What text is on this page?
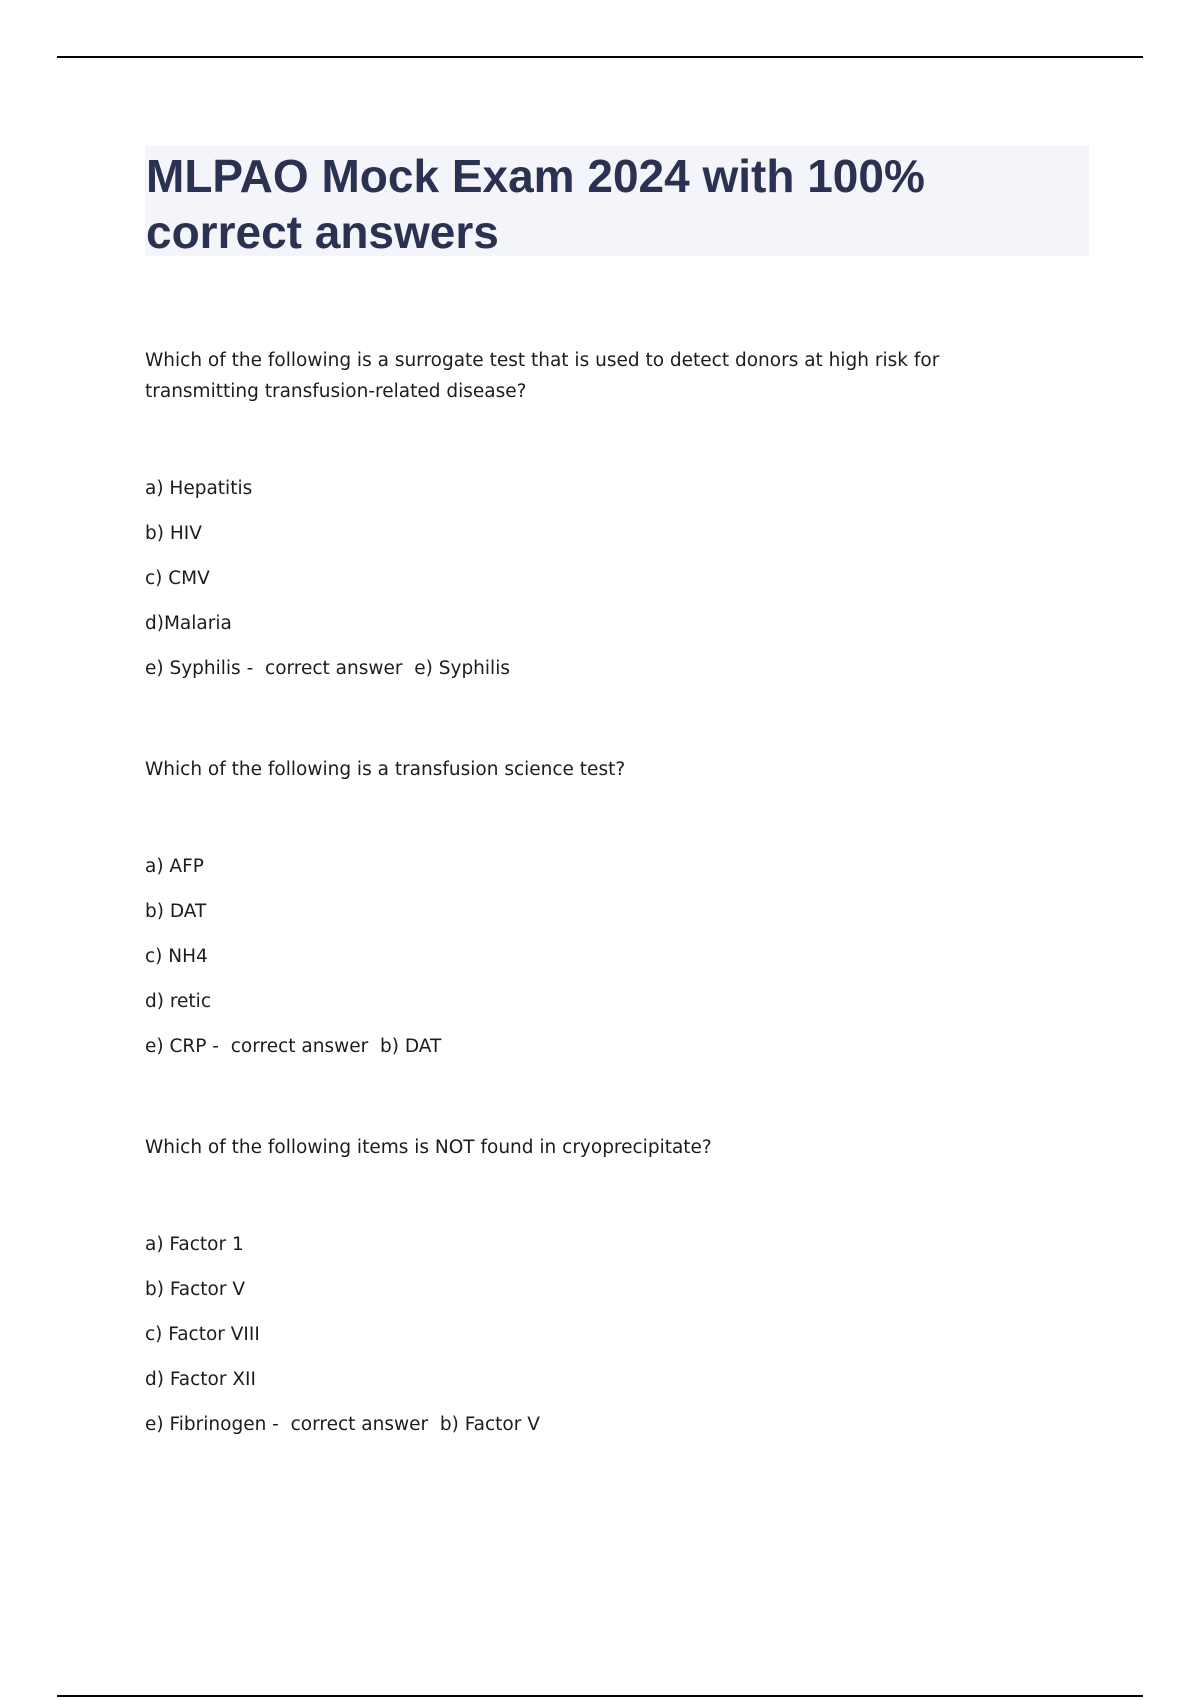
MLPAO Mock Exam 2024 with 100% correct answers

Which of the following is a surrogate test that is used to detect donors at high risk for transmitting transfusion-related disease?

a) Hepatitis

b) HIV

c) CMV

d)Malaria

e) Syphilis -  correct answer  e) Syphilis

Which of the following is a transfusion science test?

a) AFP

b) DAT

c) NH4

d) retic

e) CRP -  correct answer  b) DAT

Which of the following items is NOT found in cryoprecipitate?

a) Factor 1

b) Factor V

c) Factor VIII

d) Factor XII

e) Fibrinogen -  correct answer  b) Factor V
